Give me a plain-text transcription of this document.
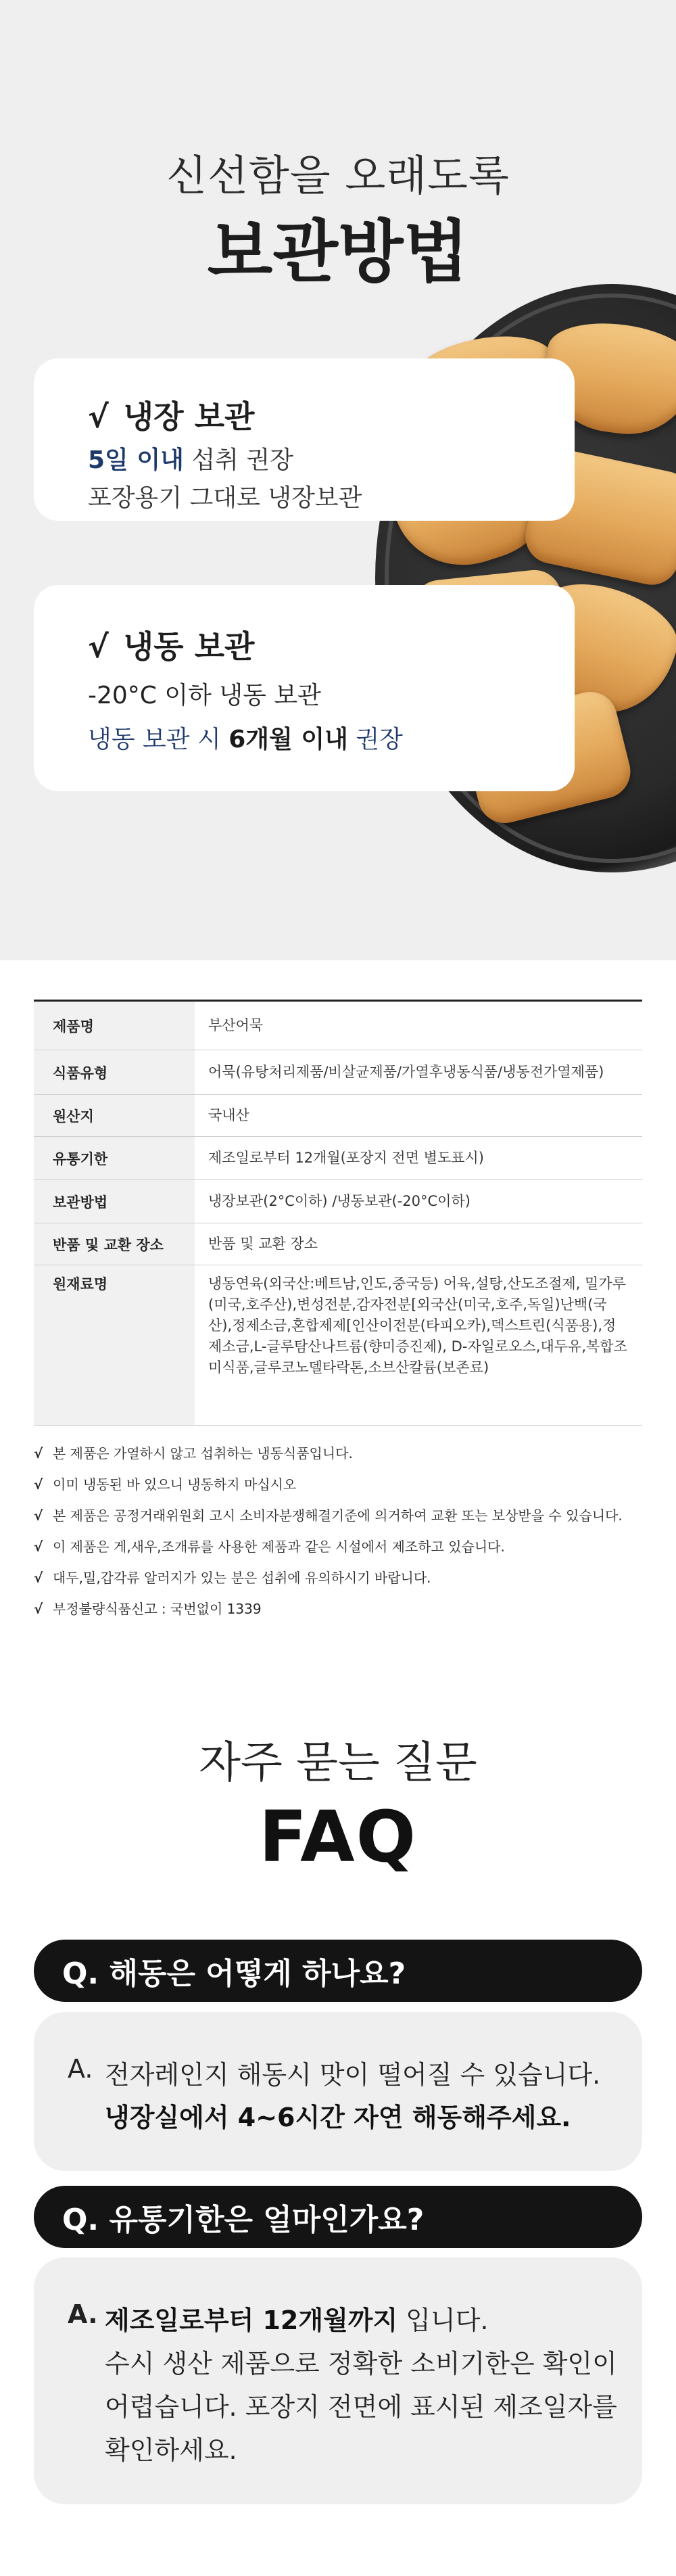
신선함을 오래도록
보관방법
√ 냉장 보관
5일 이내 섭취 권장
포장용기 그대로 냉장보관
√ 냉동 보관
-20°C 이하 냉동 보관
냉동 보관 시 6개월 이내 권장
제품명	부산어묵
식품유형	어묵(유탕처리제품/비살균제품/가열후냉동식품/냉동전가열제품)
원산지	국내산
유통기한	제조일로부터 12개월(포장지 전면 별도표시)
보관방법	냉장보관(2°C이하) /냉동보관(-20°C이하)
반품 및 교환 장소	반품 및 교환 장소
원재료명	냉동연육(외국산:베트남,인도,중국등) 어육,설탕,산도조절제, 밀가루(미국,호주산),변성전분,감자전분[외국산(미국,호주,독일)난백(국산),정제소금,혼합제제[인산이전분(타피오카),덱스트린(식품용),정제소금,L-글루탐산나트륨(향미증진제), D-자일로오스,대두유,복합조미식품,글루코노델타락톤,소브산칼륨(보존료)
√ 본 제품은 가열하시 않고 섭취하는 냉동식품입니다.
√ 이미 냉동된 바 있으니 냉동하지 마십시오
√ 본 제품은 공정거래위원회 고시 소비자분쟁해결기준에 의거하여 교환 또는 보상받을 수 있습니다.
√ 이 제품은 게,새우,조개류를 사용한 제품과 같은 시설에서 제조하고 있습니다.
√ 대두,밀,갑각류 알러지가 있는 분은 섭취에 유의하시기 바랍니다.
√ 부정불량식품신고 : 국번없이 1339
자주 묻는 질문
FAQ
Q. 해동은 어떻게 하나요?
A. 전자레인지 해동시 맛이 떨어질 수 있습니다.
냉장실에서 4~6시간 자연 해동해주세요.
Q. 유통기한은 얼마인가요?
A. 제조일로부터 12개월까지 입니다.
수시 생산 제품으로 정확한 소비기한은 확인이
어렵습니다. 포장지 전면에 표시된 제조일자를
확인하세요.
